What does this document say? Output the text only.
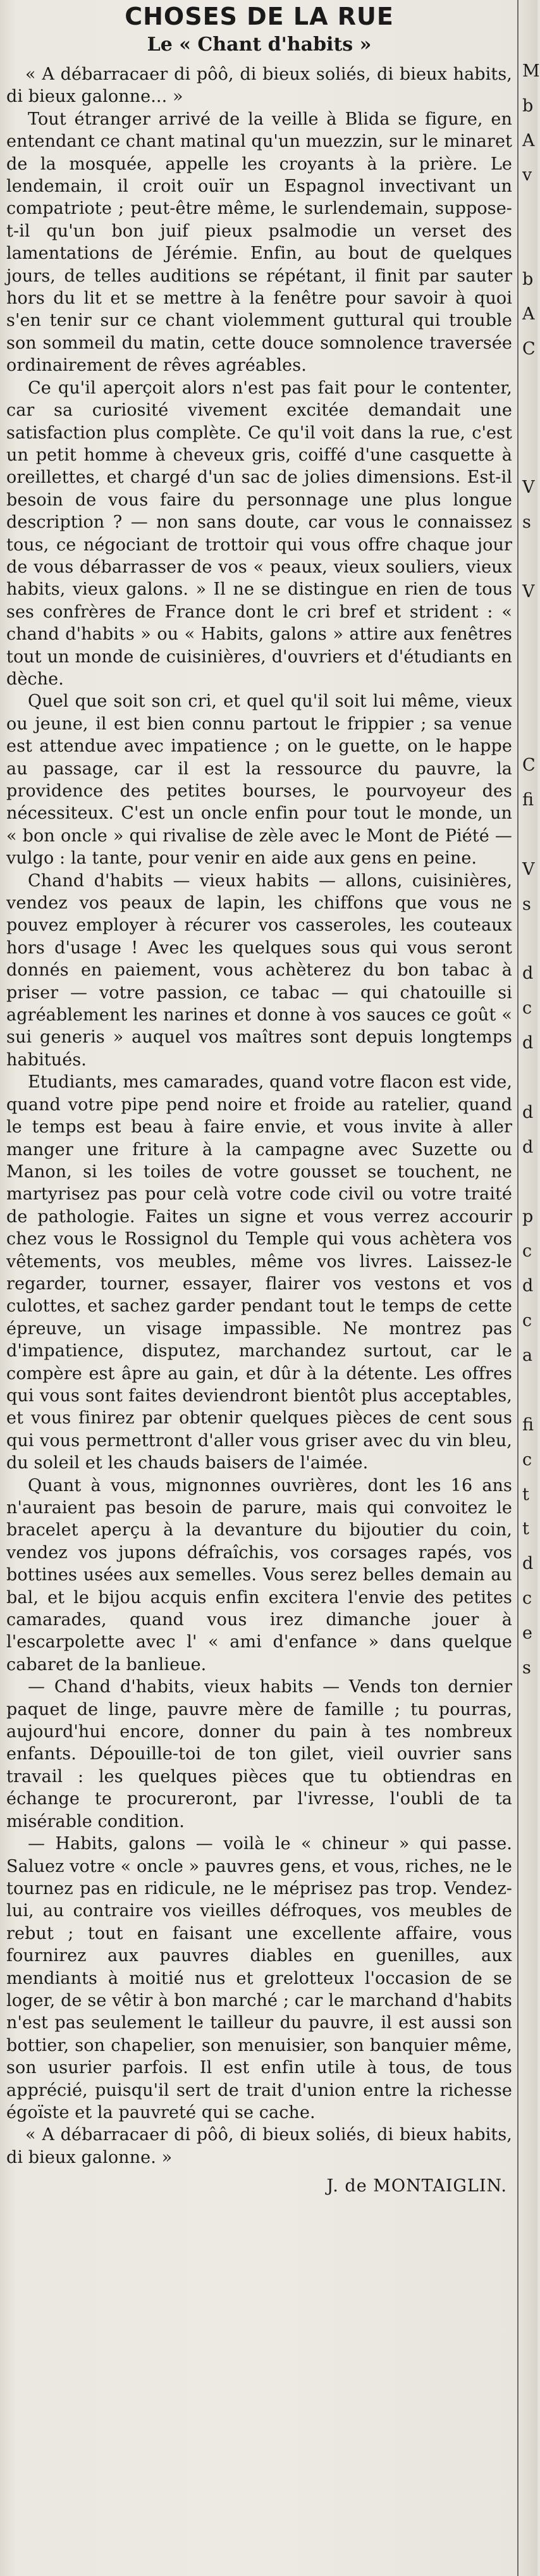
CHOSES DE LA RUE
Le « Chant d'habits »

« A débarracaer di pôô, di bieux soliés, di bieux habits, di bieux galonne... »

Tout étranger arrivé de la veille à Blida se figure, en entendant ce chant matinal qu'un muezzin, sur le minaret de la mosquée, appelle les croyants à la prière. Le lendemain, il croit ouïr un Espagnol invectivant un compatriote ; peut-être même, le surlendemain, suppose-t-il qu'un bon juif pieux psalmodie un verset des lamentations de Jérémie. Enfin, au bout de quelques jours, de telles auditions se répétant, il finit par sauter hors du lit et se mettre à la fenêtre pour savoir à quoi s'en tenir sur ce chant violemment guttural qui trouble son sommeil du matin, cette douce somnolence traversée ordinairement de rêves agréables.

Ce qu'il aperçoit alors n'est pas fait pour le contenter, car sa curiosité vivement excitée demandait une satisfaction plus complète. Ce qu'il voit dans la rue, c'est un petit homme à cheveux gris, coiffé d'une casquette à oreillettes, et chargé d'un sac de jolies dimensions. Est-il besoin de vous faire du personnage une plus longue description ? — non sans doute, car vous le connaissez tous, ce négociant de trottoir qui vous offre chaque jour de vous débarrasser de vos « peaux, vieux souliers, vieux habits, vieux galons. » Il ne se distingue en rien de tous ses confrères de France dont le cri bref et strident : « chand d'habits » ou « Habits, galons » attire aux fenêtres tout un monde de cuisinières, d'ouvriers et d'étudiants en dèche.

Quel que soit son cri, et quel qu'il soit lui même, vieux ou jeune, il est bien connu partout le frippier ; sa venue est attendue avec impatience ; on le guette, on le happe au passage, car il est la ressource du pauvre, la providence des petites bourses, le pourvoyeur des nécessiteux. C'est un oncle enfin pour tout le monde, un « bon oncle » qui rivalise de zèle avec le Mont de Piété — vulgo : la tante, pour venir en aide aux gens en peine.

Chand d'habits — vieux habits — allons, cuisinières, vendez vos peaux de lapin, les chiffons que vous ne pouvez employer à récurer vos casseroles, les couteaux hors d'usage ! Avec les quelques sous qui vous seront donnés en paiement, vous achèterez du bon tabac à priser — votre passion, ce tabac — qui chatouille si agréablement les narines et donne à vos sauces ce goût « sui generis » auquel vos maîtres sont depuis longtemps habitués.

Etudiants, mes camarades, quand votre flacon est vide, quand votre pipe pend noire et froide au ratelier, quand le temps est beau à faire envie, et vous invite à aller manger une friture à la campagne avec Suzette ou Manon, si les toiles de votre gousset se touchent, ne martyrisez pas pour celà votre code civil ou votre traité de pathologie. Faites un signe et vous verrez accourir chez vous le Rossignol du Temple qui vous achètera vos vêtements, vos meubles, même vos livres. Laissez-le regarder, tourner, essayer, flairer vos vestons et vos culottes, et sachez garder pendant tout le temps de cette épreuve, un visage impassible. Ne montrez pas d'impatience, disputez, marchandez surtout, car le compère est âpre au gain, et dûr à la détente. Les offres qui vous sont faites deviendront bientôt plus acceptables, et vous finirez par obtenir quelques pièces de cent sous qui vous permettront d'aller vous griser avec du vin bleu, du soleil et les chauds baisers de l'aimée.

Quant à vous, mignonnes ouvrières, dont les 16 ans n'auraient pas besoin de parure, mais qui convoitez le bracelet aperçu à la devanture du bijoutier du coin, vendez vos jupons défraîchis, vos corsages rapés, vos bottines usées aux semelles. Vous serez belles demain au bal, et le bijou acquis enfin excitera l'envie des petites camarades, quand vous irez dimanche jouer à l'escarpolette avec l' « ami d'enfance » dans quelque cabaret de la banlieue.

— Chand d'habits, vieux habits — Vends ton dernier paquet de linge, pauvre mère de famille ; tu pourras, aujourd'hui encore, donner du pain à tes nombreux enfants. Dépouille-toi de ton gilet, vieil ouvrier sans travail : les quelques pièces que tu obtiendras en échange te procureront, par l'ivresse, l'oubli de ta misérable condition.

— Habits, galons — voilà le « chineur » qui passe. Saluez votre « oncle » pauvres gens, et vous, riches, ne le tournez pas en ridicule, ne le méprisez pas trop. Vendez-lui, au contraire vos vieilles défroques, vos meubles de rebut ; tout en faisant une excellente affaire, vous fournirez aux pauvres diables en guenilles, aux mendiants à moitié nus et grelotteux l'occasion de se loger, de se vêtir à bon marché ; car le marchand d'habits n'est pas seulement le tailleur du pauvre, il est aussi son bottier, son chapelier, son menuisier, son banquier même, son usurier parfois. Il est enfin utile à tous, de tous apprécié, puisqu'il sert de trait d'union entre la richesse égoïste et la pauvreté qui se cache.

« A débarracaer di pôô, di bieux soliés, di bieux habits, di bieux galonne. »

J. de MONTAIGLIN.
M
b
A
v
b
A
C
V
s
V
C
fi
V
s
d
c
d
d
d
p
c
d
c
a
fi
c
t
t
d
c
e
s
